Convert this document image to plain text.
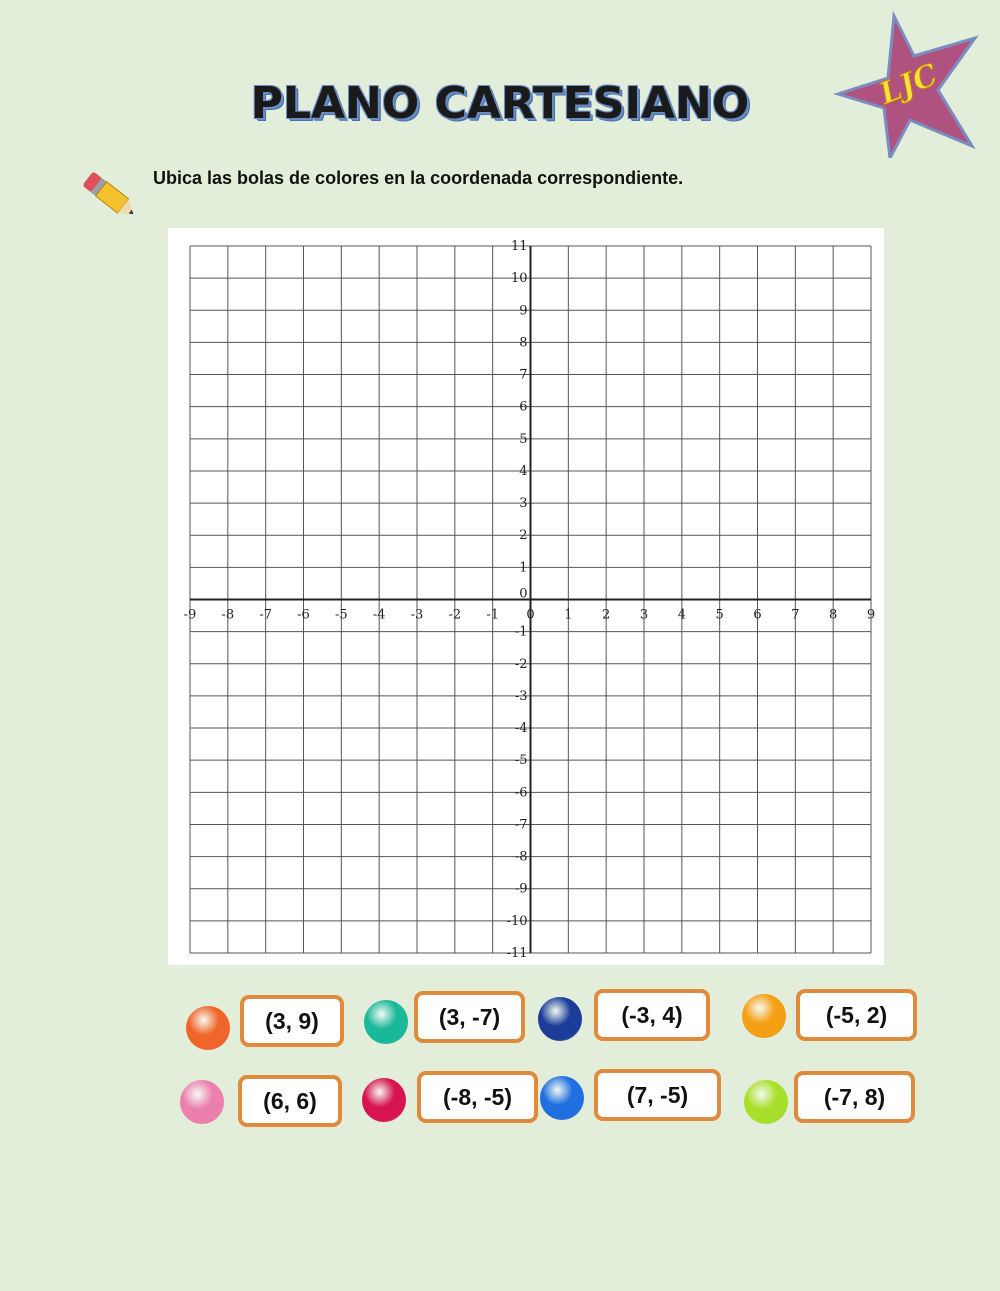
PLANO CARTESIANO	LJC
Ubica las bolas de colores en la coordenada correspondiente.
-9 -8 -7 -6 -5 -4 -3 -2 -1 0 1 2 3 4 5 6 7 8 9
11
10
9
8
7
6
5
4
3
2
1
-1
-2
-3
-4
-5
-6
-7
-8
-9
-10
-11
0
(3, 9)	(3, -7)	(-3, 4)	(-5, 2)
(6, 6)	(-8, -5)	(7, -5)	(-7, 8)
